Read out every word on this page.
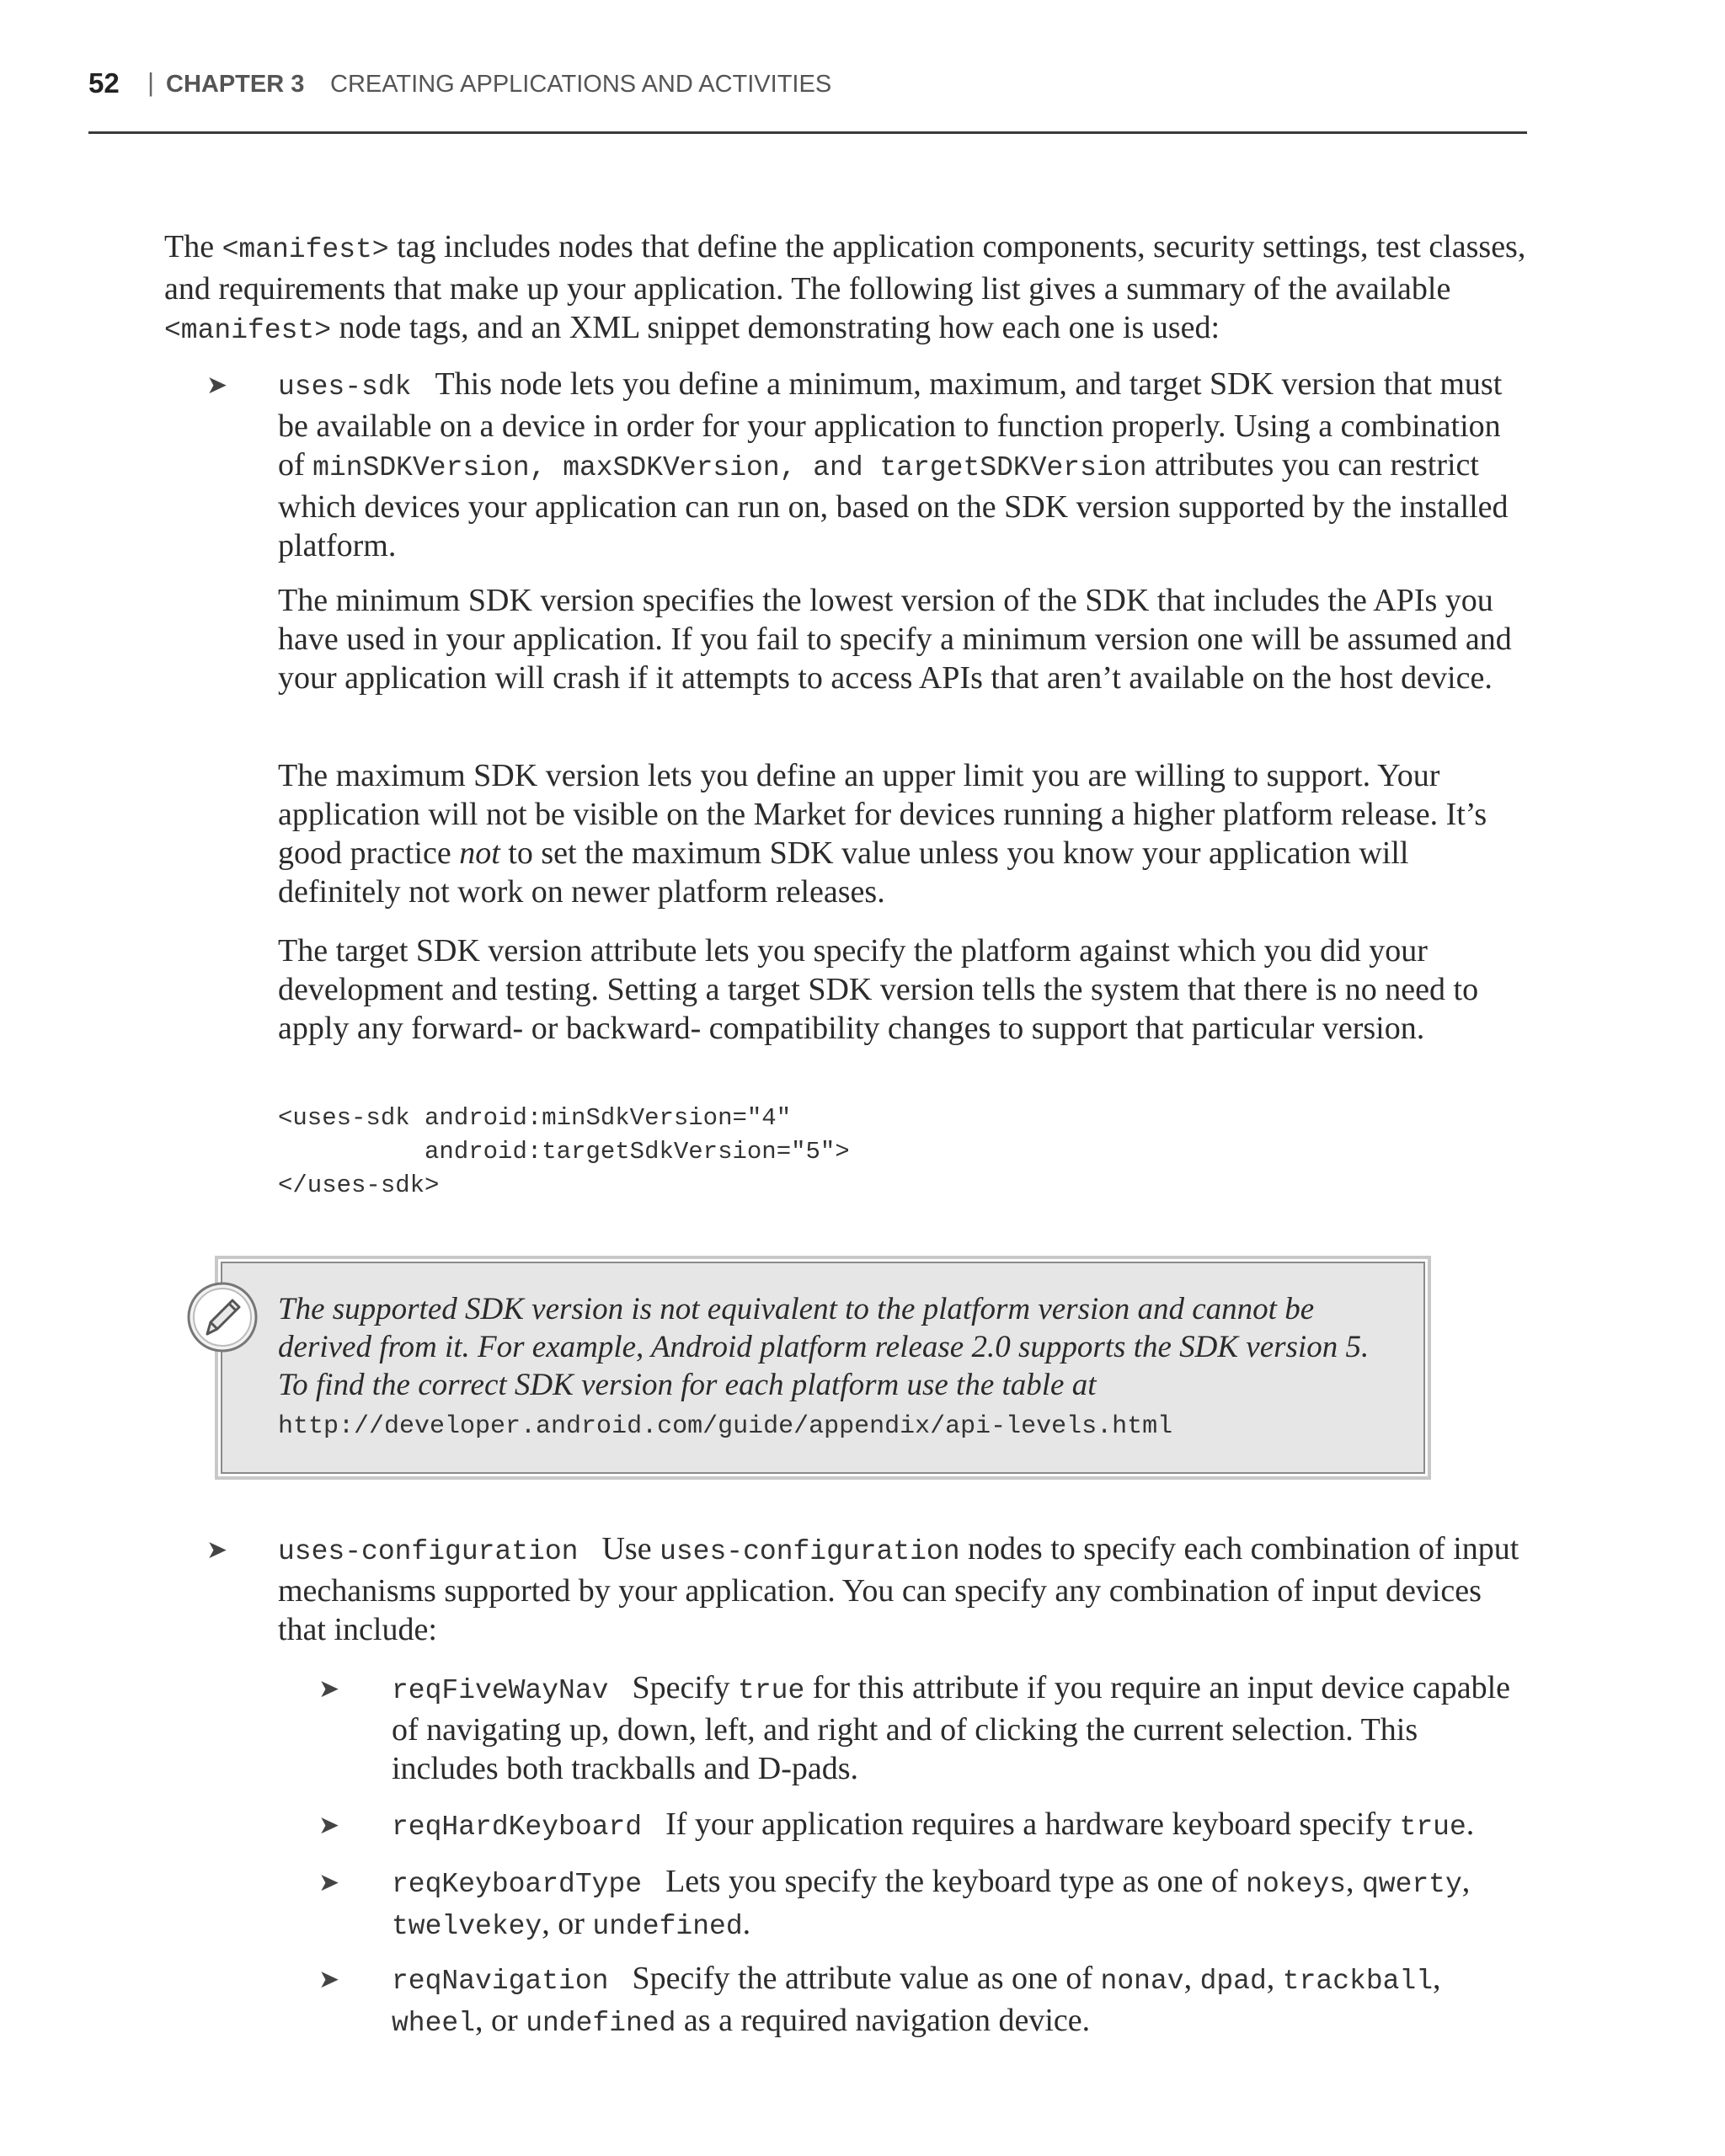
52 | CHAPTER 3 CREATING APPLICATIONS AND ACTIVITIES

The <manifest> tag includes nodes that define the application components, security settings, test classes, and requirements that make up your application. The following list gives a summary of the available <manifest> node tags, and an XML snippet demonstrating how each one is used:

➤ uses-sdk This node lets you define a minimum, maximum, and target SDK version that must be available on a device in order for your application to function properly. Using a combination of minSDKVersion, maxSDKVersion, and targetSDKVersion attributes you can restrict which devices your application can run on, based on the SDK version supported by the installed platform.

The minimum SDK version specifies the lowest version of the SDK that includes the APIs you have used in your application. If you fail to specify a minimum version one will be assumed and your application will crash if it attempts to access APIs that aren’t available on the host device.

The maximum SDK version lets you define an upper limit you are willing to support. Your application will not be visible on the Market for devices running a higher platform release. It’s good practice not to set the maximum SDK value unless you know your application will definitely not work on newer platform releases.

The target SDK version attribute lets you specify the platform against which you did your development and testing. Setting a target SDK version tells the system that there is no need to apply any forward- or backward- compatibility changes to support that particular version.

<uses-sdk android:minSdkVersion="4"
android:targetSdkVersion="5">
</uses-sdk>

The supported SDK version is not equivalent to the platform version and cannot be derived from it. For example, Android platform release 2.0 supports the SDK version 5. To find the correct SDK version for each platform use the table at

http://developer.android.com/guide/appendix/api-levels.html
➤ uses-configuration Use uses-configuration nodes to specify each combination of input mechanisms supported by your application. You can specify any combination of input devices that include:

➤ reqFiveWayNav Specify true for this attribute if you require an input device capable of navigating up, down, left, and right and of clicking the current selection. This includes both trackballs and D-pads.

➤ reqHardKeyboard If your application requires a hardware keyboard specify true.

➤ reqKeyboardType Lets you specify the keyboard type as one of nokeys, qwerty, twelvekey, or undefined.

➤ reqNavigation Specify the attribute value as one of nonav, dpad, trackball, wheel, or undefined as a required navigation device.
